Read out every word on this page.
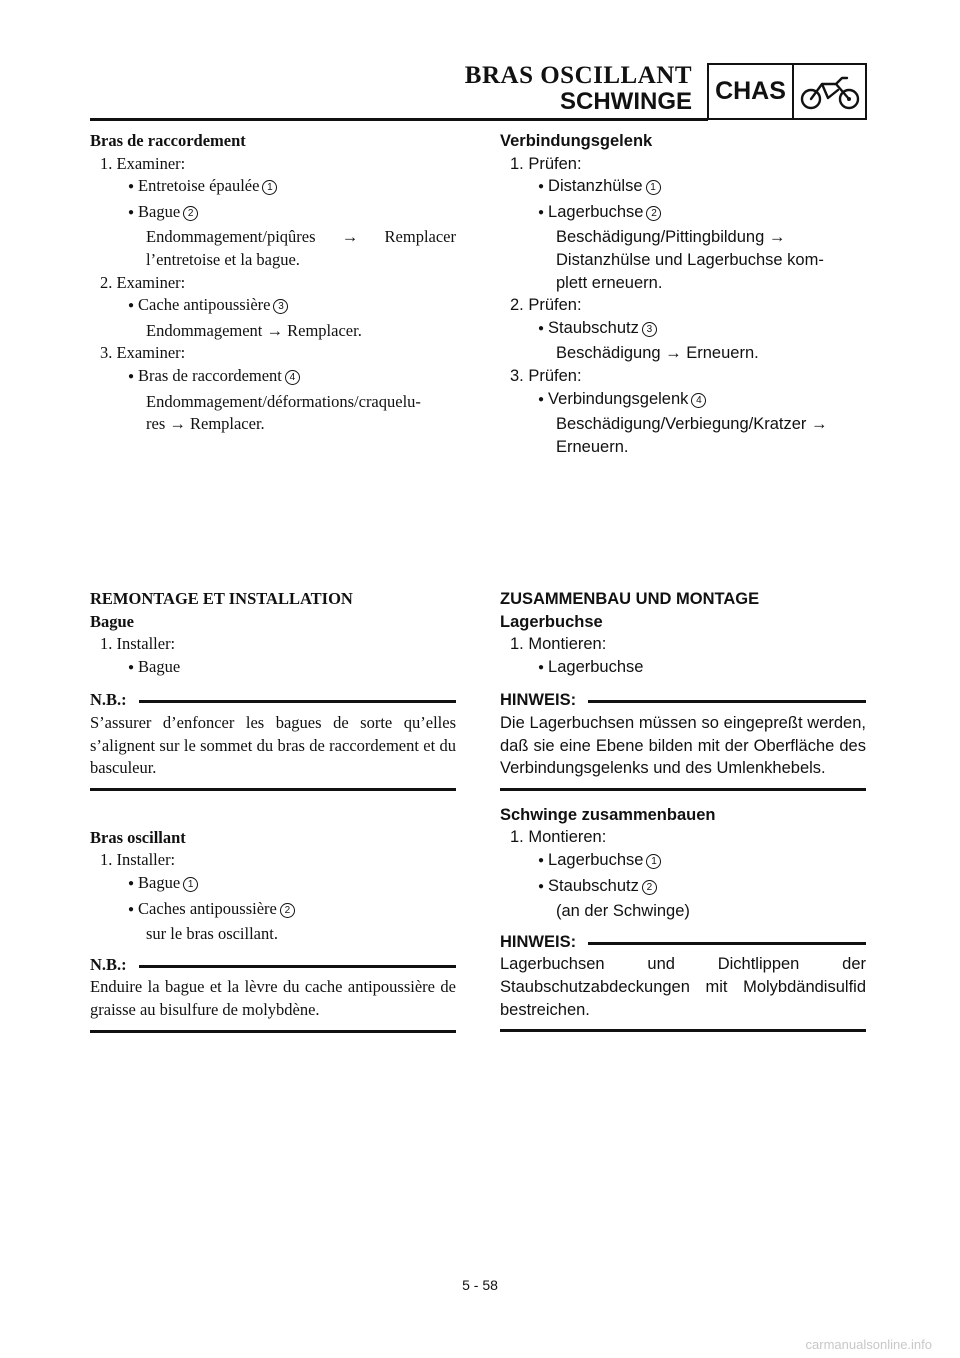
BRAS OSCILLANT
SCHWINGE CHAS
Bras de raccordement
1. Examiner:
● Entretoise épaulée 1
● Bague 2
Endommagement/piqûres → Remplacer
l’entretoise et la bague.
2. Examiner:
● Cache antipoussière 3
Endommagement → Remplacer.
3. Examiner:
● Bras de raccordement 4
Endommagement/déformations/craquelu-
res → Remplacer.
Verbindungsgelenk
1. Prüfen:
● Distanzhülse 1
● Lagerbuchse 2
Beschädigung/Pittingbildung →
Distanzhülse und Lagerbuchse kom-
plett erneuern.
2. Prüfen:
● Staubschutz 3
Beschädigung → Erneuern.
3. Prüfen:
● Verbindungsgelenk 4
Beschädigung/Verbiegung/Kratzer →
Erneuern.
REMONTAGE ET INSTALLATION
Bague
1. Installer:
● Bague
N.B.:
S’assurer d’enfoncer les bagues de sorte qu’elles s’alignent sur le sommet du bras de raccordement et du basculeur.
Bras oscillant
1. Installer:
● Bague 1
● Caches antipoussière 2
sur le bras oscillant.
N.B.:
Enduire la bague et la lèvre du cache antipoussière de graisse au bisulfure de molybdène.
ZUSAMMENBAU UND MONTAGE
Lagerbuchse
1. Montieren:
● Lagerbuchse
HINWEIS:
Die Lagerbuchsen müssen so eingepreßt werden, daß sie eine Ebene bilden mit der Oberfläche des Verbindungsgelenks und des Umlenkhebels.
Schwinge zusammenbauen
1. Montieren:
● Lagerbuchse 1
● Staubschutz 2
(an der Schwinge)
HINWEIS:
Lagerbuchsen und Dichtlippen der Staubschutzabdeckungen mit Molybdändisulfid bestreichen.
5 - 58
carmanualsonline.info
